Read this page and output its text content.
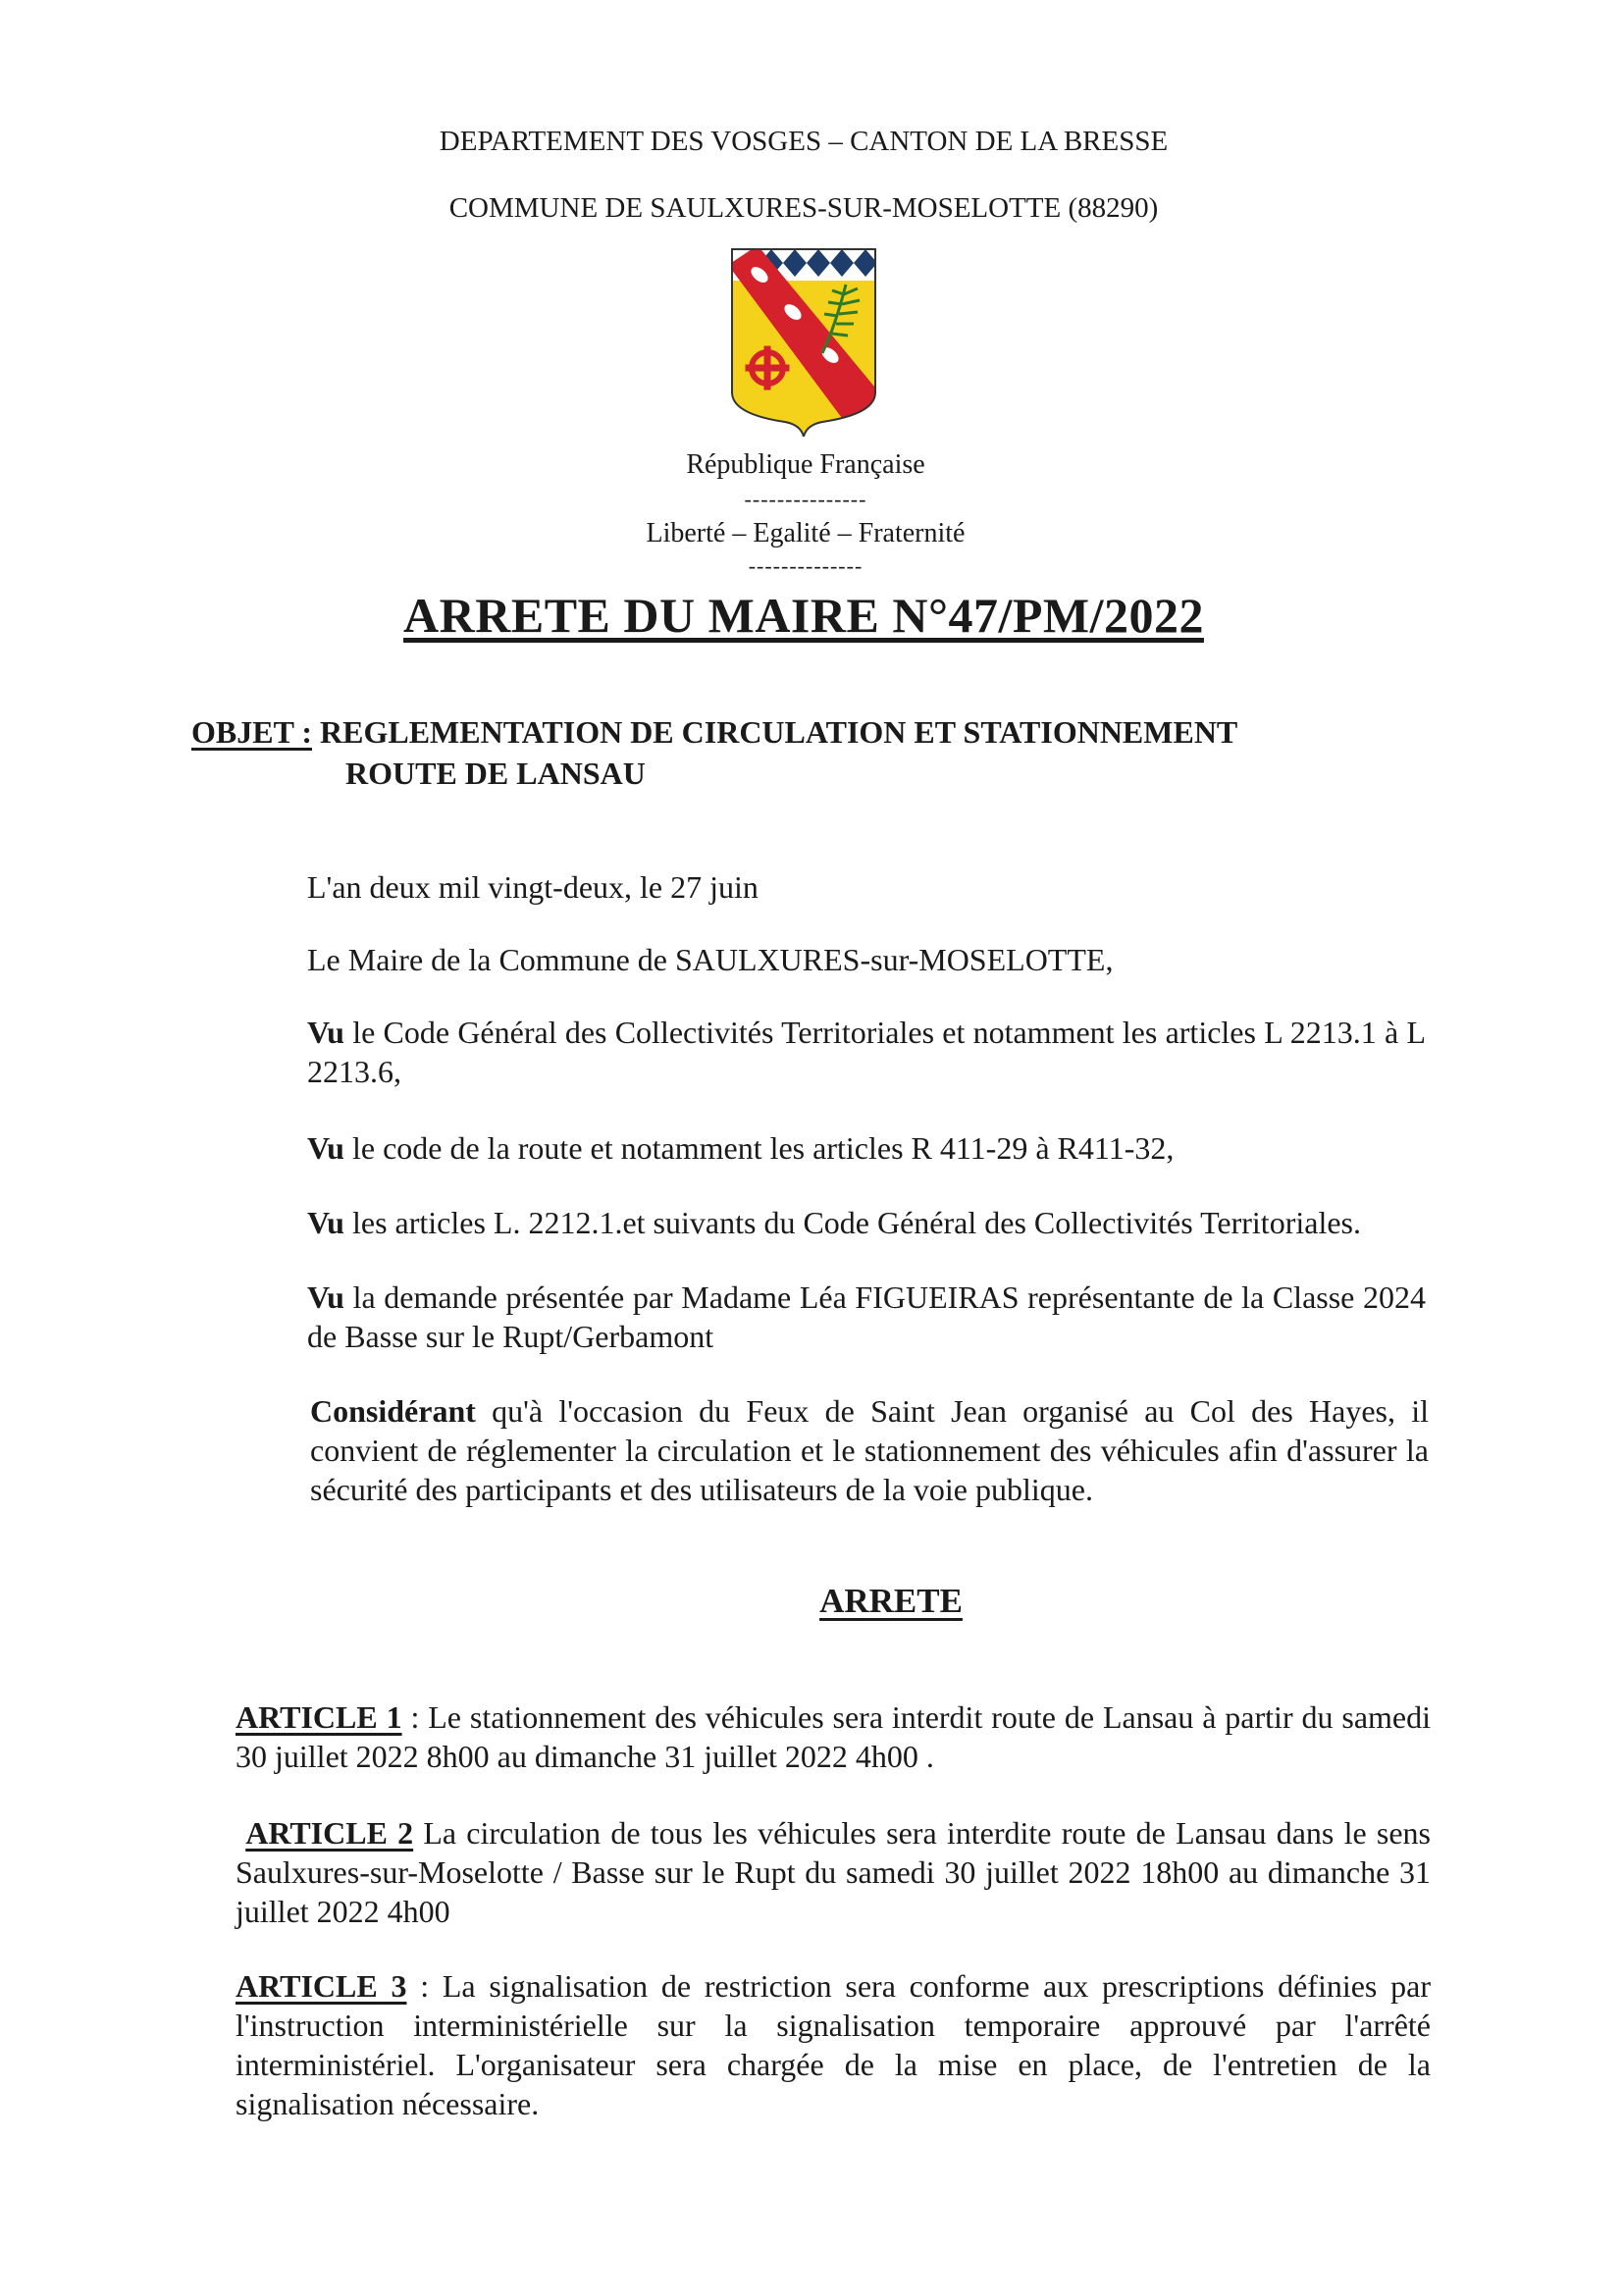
DEPARTEMENT DES VOSGES – CANTON DE LA BRESSE
COMMUNE DE SAULXURES-SUR-MOSELOTTE (88290)
République Française
---------------
Liberté – Egalité – Fraternité
--------------
ARRETE DU MAIRE N°47/PM/2022
OBJET : REGLEMENTATION DE CIRCULATION ET STATIONNEMENT
ROUTE DE LANSAU
L'an deux mil vingt-deux, le 27 juin
Le Maire de la Commune de SAULXURES-sur-MOSELOTTE,
Vu le Code Général des Collectivités Territoriales et notamment les articles L 2213.1 à L 2213.6,
Vu le code de la route et notamment les articles R 411-29 à R411-32,
Vu les articles L. 2212.1.et suivants du Code Général des Collectivités Territoriales.
Vu la demande présentée par Madame Léa FIGUEIRAS représentante de la Classe 2024 de Basse sur le Rupt/Gerbamont
Considérant qu'à l'occasion du Feux de Saint Jean organisé au Col des Hayes, il convient de réglementer la circulation et le stationnement des véhicules afin d'assurer la sécurité des participants et des utilisateurs de la voie publique.
ARRETE
ARTICLE 1 : Le stationnement des véhicules sera interdit route de Lansau à partir du samedi 30 juillet 2022 8h00 au dimanche 31 juillet 2022 4h00 .
ARTICLE 2 La circulation de tous les véhicules sera interdite route de Lansau dans le sens Saulxures-sur-Moselotte / Basse sur le Rupt du samedi 30 juillet 2022 18h00 au dimanche 31 juillet 2022 4h00
ARTICLE 3 : La signalisation de restriction sera conforme aux prescriptions définies par l'instruction interministérielle sur la signalisation temporaire approuvé par l'arrêté interministériel. L'organisateur sera chargée de la mise en place, de l'entretien de la signalisation nécessaire.
